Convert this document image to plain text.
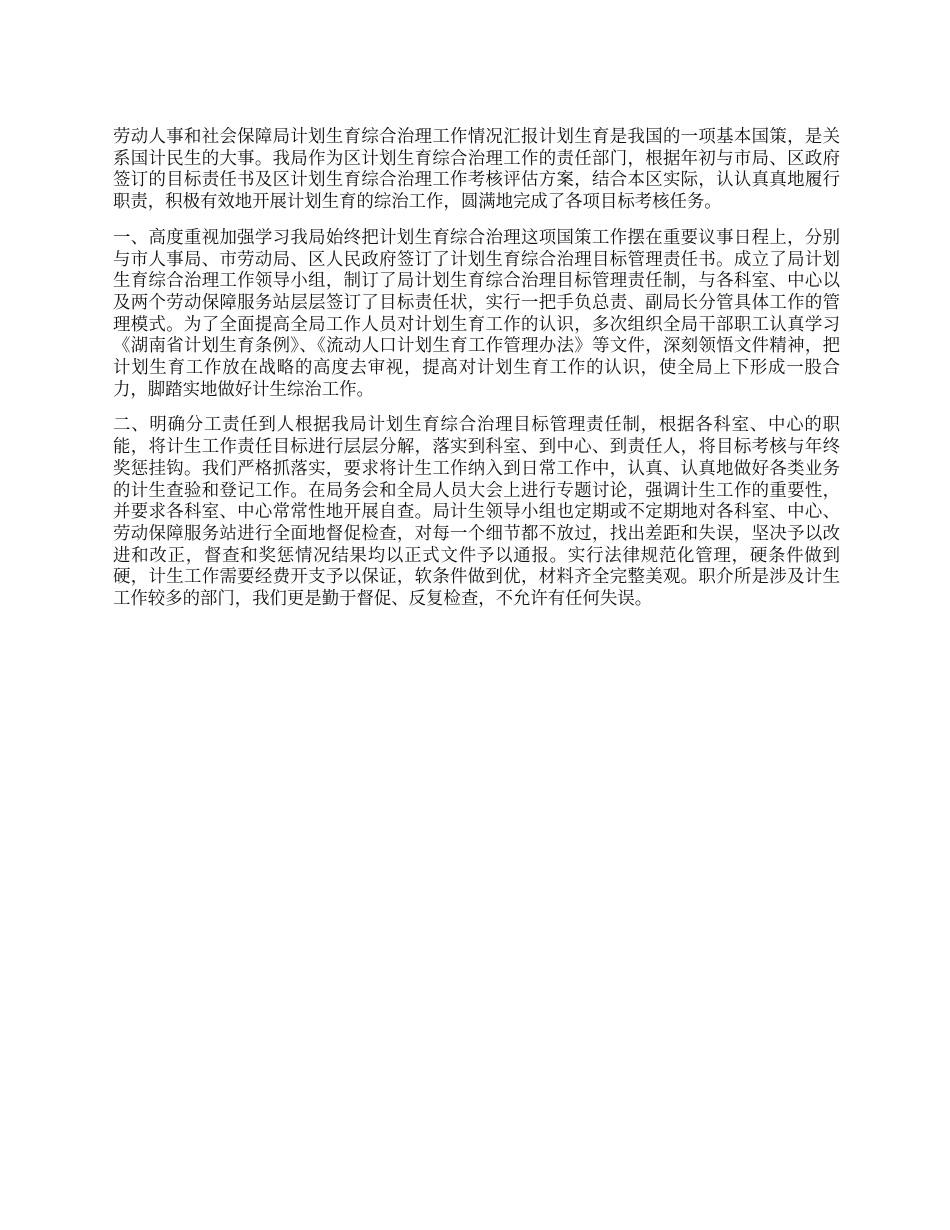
劳动人事和社会保障局计划生育综合治理工作情况汇报计划生育是我国的一项基本国策，是关系国计民生的大事。我局作为区计划生育综合治理工作的责任部门，根据年初与市局、区政府签订的目标责任书及区计划生育综合治理工作考核评估方案，结合本区实际，认认真真地履行职责，积极有效地开展计划生育的综治工作，圆满地完成了各项目标考核任务。

一、高度重视加强学习我局始终把计划生育综合治理这项国策工作摆在重要议事日程上，分别与市人事局、市劳动局、区人民政府签订了计划生育综合治理目标管理责任书。成立了局计划生育综合治理工作领导小组，制订了局计划生育综合治理目标管理责任制，与各科室、中心以及两个劳动保障服务站层层签订了目标责任状，实行一把手负总责、副局长分管具体工作的管理模式。为了全面提高全局工作人员对计划生育工作的认识，多次组织全局干部职工认真学习《湖南省计划生育条例》、《流动人口计划生育工作管理办法》等文件，深刻领悟文件精神，把计划生育工作放在战略的高度去审视，提高对计划生育工作的认识，使全局上下形成一股合力，脚踏实地做好计生综治工作。

二、明确分工责任到人根据我局计划生育综合治理目标管理责任制，根据各科室、中心的职能，将计生工作责任目标进行层层分解，落实到科室、到中心、到责任人，将目标考核与年终奖惩挂钩。我们严格抓落实，要求将计生工作纳入到日常工作中，认真、认真地做好各类业务的计生查验和登记工作。在局务会和全局人员大会上进行专题讨论，强调计生工作的重要性，并要求各科室、中心常常性地开展自查。局计生领导小组也定期或不定期地对各科室、中心、劳动保障服务站进行全面地督促检查，对每一个细节都不放过，找出差距和失误，坚决予以改进和改正，督查和奖惩情况结果均以正式文件予以通报。实行法律规范化管理，硬条件做到硬，计生工作需要经费开支予以保证，软条件做到优，材料齐全完整美观。职介所是涉及计生工作较多的部门，我们更是勤于督促、反复检查，不允许有任何失误。
